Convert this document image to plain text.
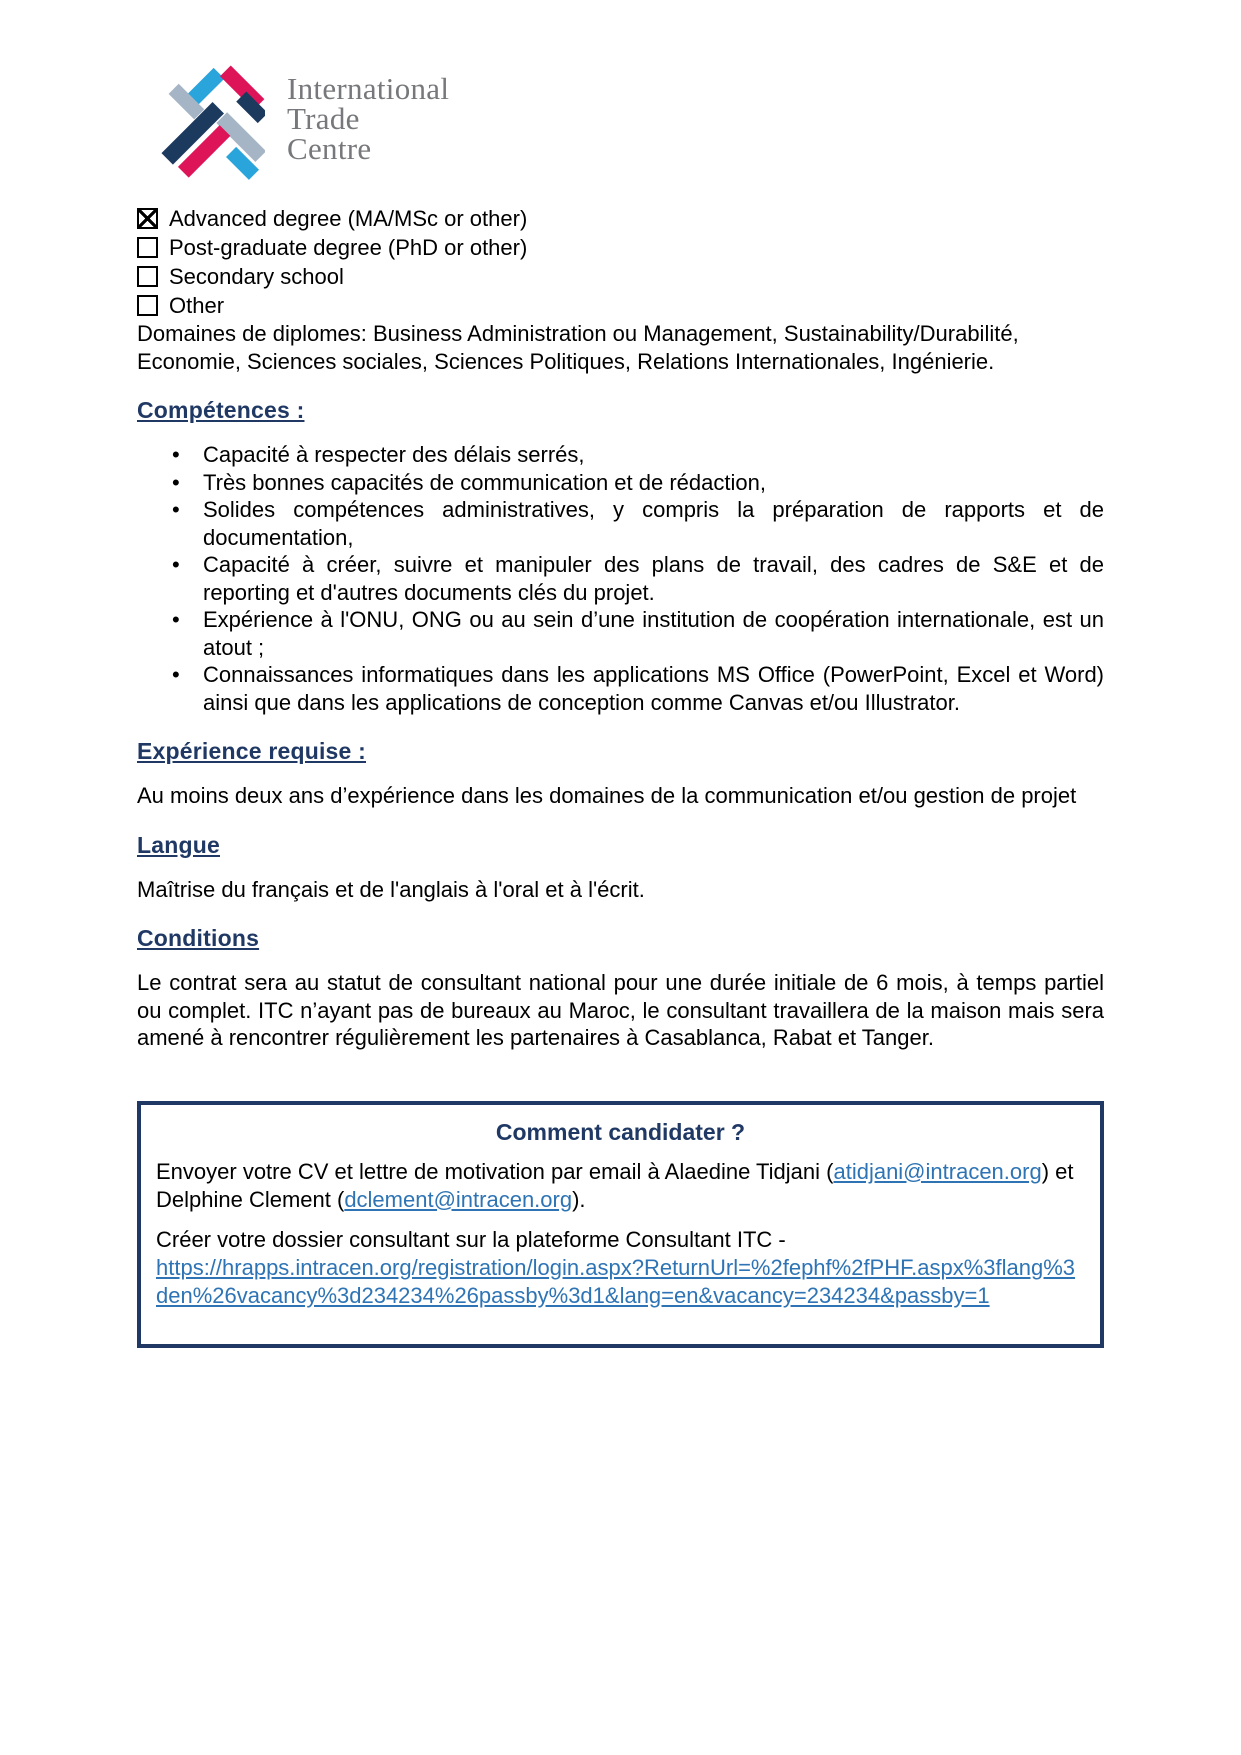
International
Trade
Centre
Advanced degree (MA/MSc or other)
Post-graduate degree (PhD or other)
Secondary school
Other

Domaines de diplomes: Business Administration ou Management, Sustainability/Durabilité, Economie, Sciences sociales, Sciences Politiques, Relations Internationales, Ingénierie.

Compétences :
• Capacité à respecter des délais serrés,
• Très bonnes capacités de communication et de rédaction,
• Solides compétences administratives, y compris la préparation de rapports et de documentation,
• Capacité à créer, suivre et manipuler des plans de travail, des cadres de S&E et de reporting et d'autres documents clés du projet.
• Expérience à l'ONU, ONG ou au sein d’une institution de coopération internationale, est un atout ;
• Connaissances informatiques dans les applications MS Office (PowerPoint, Excel et Word) ainsi que dans les applications de conception comme Canvas et/ou Illustrator.
Expérience requise :

Au moins deux ans d’expérience dans les domaines de la communication et/ou gestion de projet

Langue

Maîtrise du français et de l'anglais à l'oral et à l'écrit.

Conditions

Le contrat sera au statut de consultant national pour une durée initiale de 6 mois, à temps partiel ou complet. ITC n’ayant pas de bureaux au Maroc, le consultant travaillera de la maison mais sera amené à rencontrer régulièrement les partenaires à Casablanca, Rabat et Tanger.

Comment candidater ?

Envoyer votre CV et lettre de motivation par email à Alaedine Tidjani (atidjani@intracen.org) et Delphine Clement (dclement@intracen.org).

Créer votre dossier consultant sur la plateforme Consultant ITC -
https://hrapps.intracen.org/registration/login.aspx?ReturnUrl=%2fephf%2fPHF.aspx%3flang%3den%26vacancy%3d234234%26passby%3d1&lang=en&vacancy=234234&passby=1
